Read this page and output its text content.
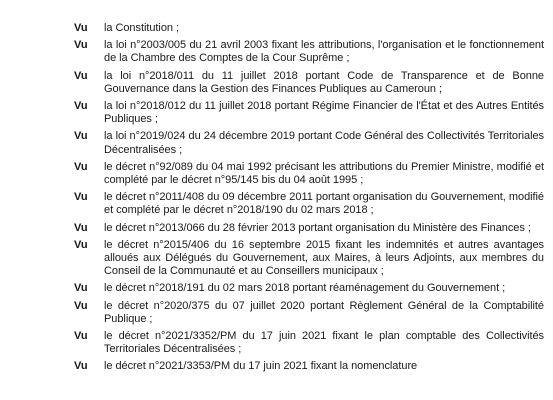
Vu	la Constitution ;
Vu	la loi n°2003/005 du 21 avril 2003 fixant les attributions, l'organisation et le fonctionnement de la Chambre des Comptes de la Cour Suprême ;
Vu	la loi n°2018/011 du 11 juillet 2018 portant Code de Transparence et de Bonne Gouvernance dans la Gestion des Finances Publiques au Cameroun ;
Vu	la loi n°2018/012 du 11 juillet 2018 portant Régime Financier de l'État et des Autres Entités Publiques ;
Vu	la loi n°2019/024 du 24 décembre 2019 portant Code Général des Collectivités Territoriales Décentralisées ;
Vu	le décret n°92/089 du 04 mai 1992 précisant les attributions du Premier Ministre, modifié et complété par le décret n°95/145 bis du 04 août 1995 ;
Vu	le décret n°2011/408 du 09 décembre 2011 portant organisation du Gouvernement, modifié et complété par le décret n°2018/190 du 02 mars 2018 ;
Vu	le décret n°2013/066 du 28 février 2013 portant organisation du Ministère des Finances ;
Vu	le décret n°2015/406 du 16 septembre 2015 fixant les indemnités et autres avantages alloués aux Délégués du Gouvernement, aux Maires, à leurs Adjoints, aux membres du Conseil de la Communauté et au Conseillers municipaux ;
Vu	le décret n°2018/191 du 02 mars 2018 portant réaménagement du Gouvernement ;
Vu	le décret n°2020/375 du 07 juillet 2020 portant Règlement Général de la Comptabilité Publique ;
Vu	le décret n°2021/3352/PM du 17 juin 2021 fixant le plan comptable des Collectivités Territoriales Décentralisées ;
Vu	le décret n°2021/3353/PM du 17 juin 2021 fixant la nomenclature
